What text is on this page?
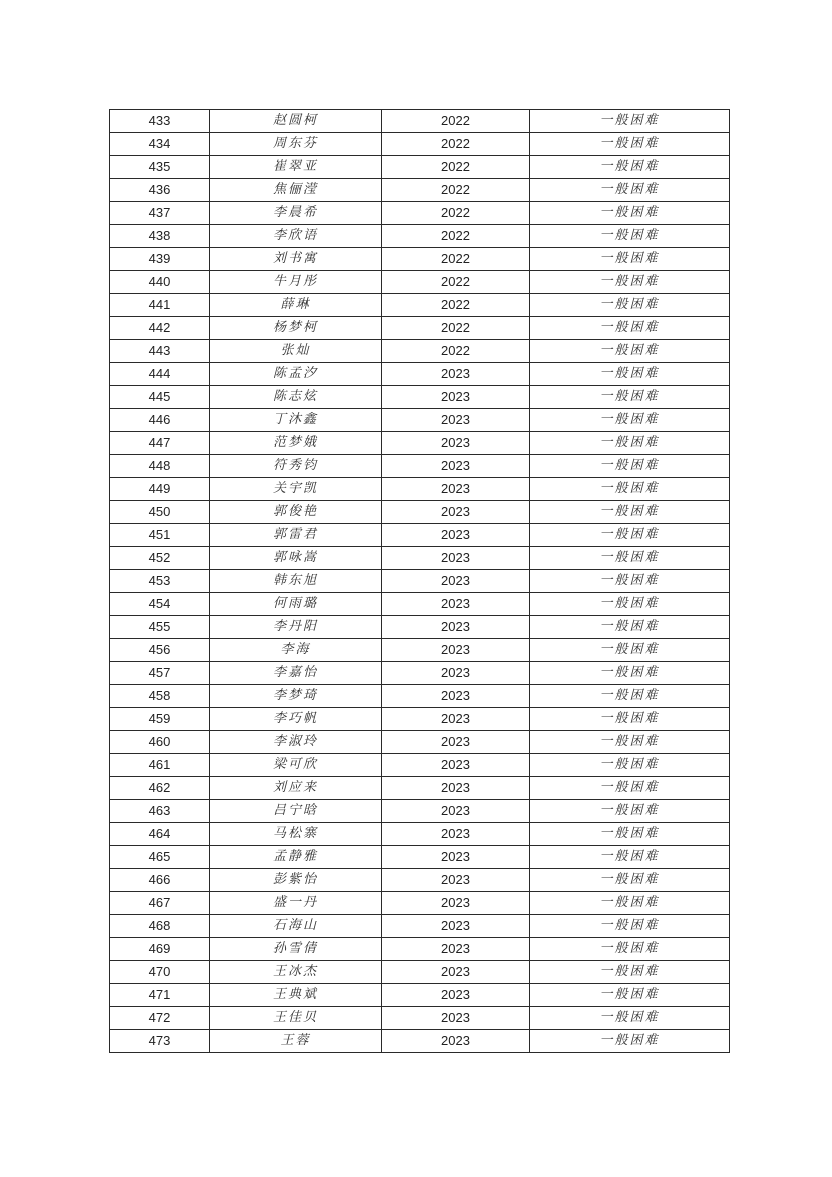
433	赵圆柯	2022	一般困难
434	周东芬	2022	一般困难
435	崔翠亚	2022	一般困难
436	焦俪滢	2022	一般困难
437	李晨希	2022	一般困难
438	李欣语	2022	一般困难
439	刘书寓	2022	一般困难
440	牛月彤	2022	一般困难
441	薛琳	2022	一般困难
442	杨梦柯	2022	一般困难
443	张灿	2022	一般困难
444	陈孟汐	2023	一般困难
445	陈志炫	2023	一般困难
446	丁沐鑫	2023	一般困难
447	范梦娥	2023	一般困难
448	符秀钧	2023	一般困难
449	关宇凯	2023	一般困难
450	郭俊艳	2023	一般困难
451	郭雷君	2023	一般困难
452	郭咏嵩	2023	一般困难
453	韩东旭	2023	一般困难
454	何雨璐	2023	一般困难
455	李丹阳	2023	一般困难
456	李海	2023	一般困难
457	李嘉怡	2023	一般困难
458	李梦琦	2023	一般困难
459	李巧帆	2023	一般困难
460	李淑玲	2023	一般困难
461	梁可欣	2023	一般困难
462	刘应来	2023	一般困难
463	吕宁晗	2023	一般困难
464	马松寨	2023	一般困难
465	孟静雅	2023	一般困难
466	彭紫怡	2023	一般困难
467	盛一丹	2023	一般困难
468	石海山	2023	一般困难
469	孙雪倩	2023	一般困难
470	王冰杰	2023	一般困难
471	王典斌	2023	一般困难
472	王佳贝	2023	一般困难
473	王蓉	2023	一般困难
